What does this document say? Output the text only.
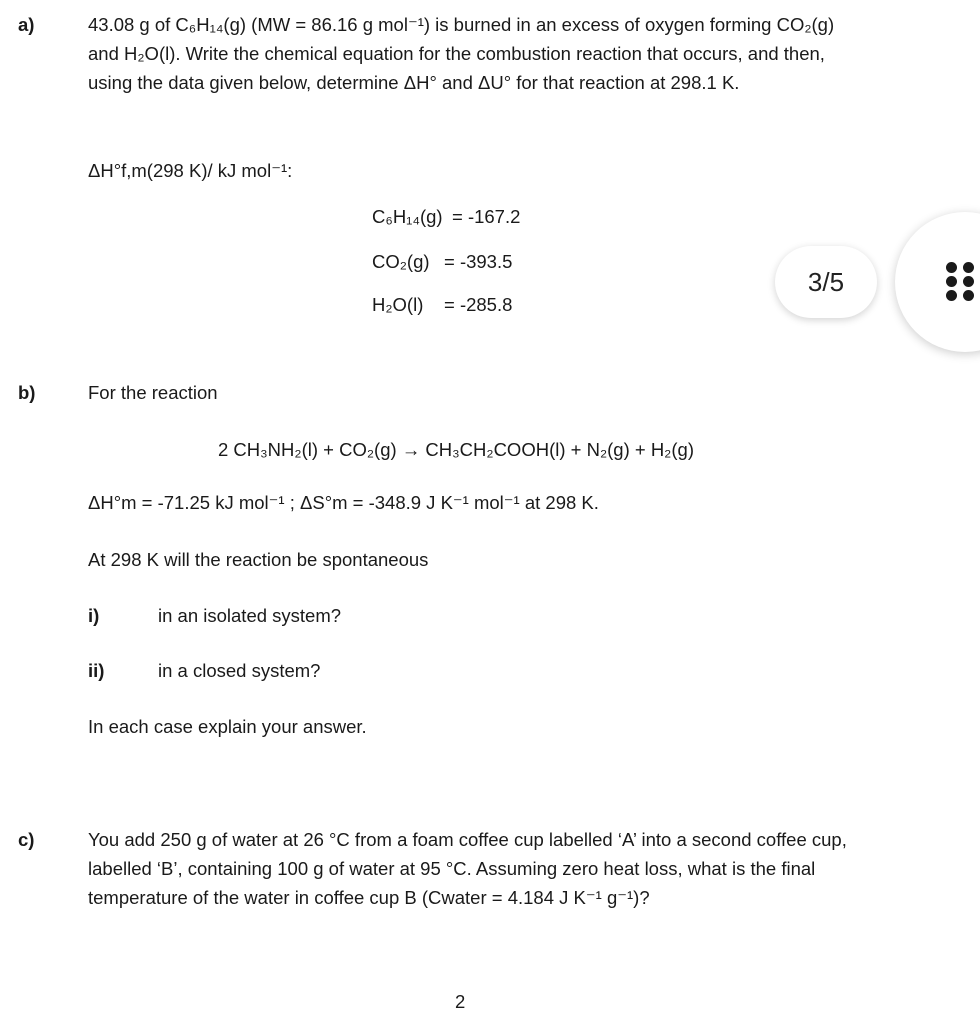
a)	43.08 g of C₆H₁₄(g) (MW = 86.16 g mol⁻¹) is burned in an excess of oxygen forming CO₂(g)
and H₂O(l). Write the chemical equation for the combustion reaction that occurs, and then,
using the data given below, determine ΔH° and ΔU° for that reaction at 298.1 K.
ΔH°f,m(298 K)/ kJ mol⁻¹:
C₆H₁₄(g) = -167.2
CO₂(g) = -393.5
H₂O(l) = -285.8
3/5
b)	For the reaction
2 CH₃NH₂(l) + CO₂(g) → CH₃CH₂COOH(l) + N₂(g) + H₂(g)
ΔH°m = -71.25 kJ mol⁻¹ ; ΔS°m = -348.9 J K⁻¹ mol⁻¹ at 298 K.
At 298 K will the reaction be spontaneous
i)	in an isolated system?
ii)	in a closed system?
In each case explain your answer.
c)	You add 250 g of water at 26 °C from a foam coffee cup labelled ‘A’ into a second coffee cup,
labelled ‘B’, containing 100 g of water at 95 °C. Assuming zero heat loss, what is the final
temperature of the water in coffee cup B (Cwater = 4.184 J K⁻¹ g⁻¹)?
2
